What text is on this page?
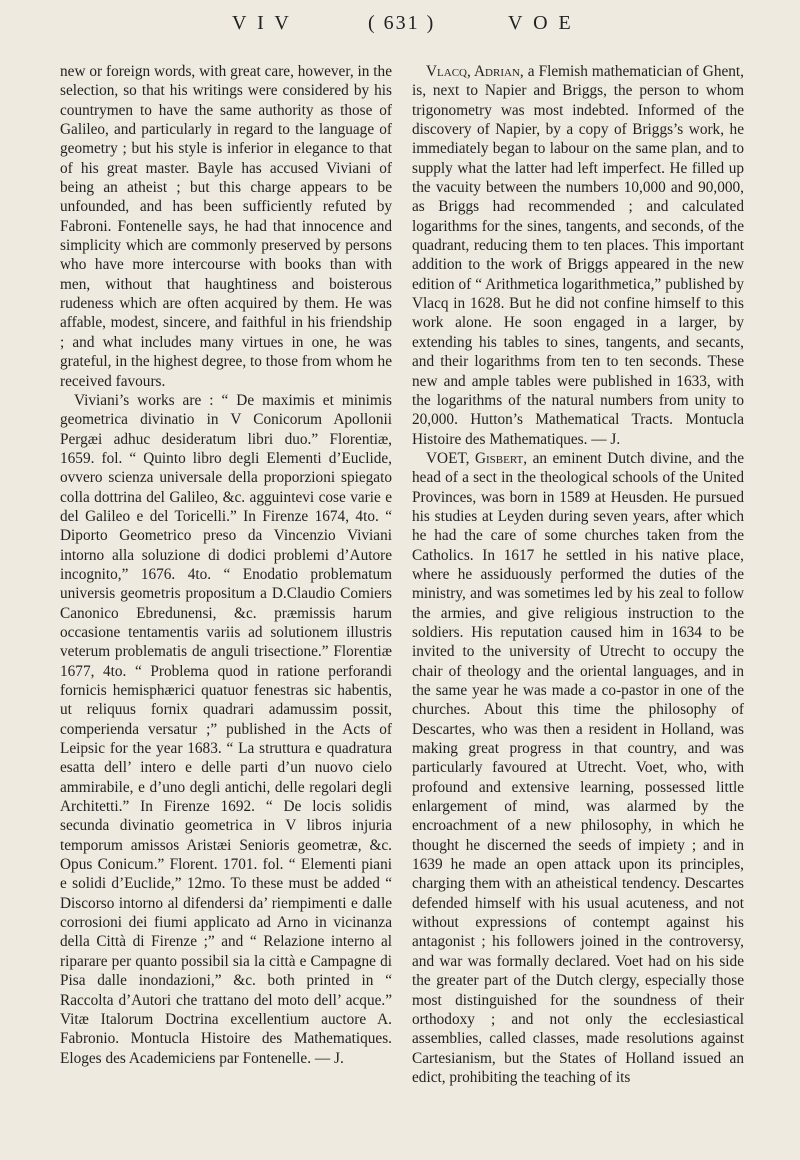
V I V	( 631 )	V O E

new or foreign words, with great care, however, in the selection, so that his writings were considered by his countrymen to have the same authority as those of Galileo, and particularly in regard to the language of geometry ; but his style is inferior in elegance to that of his great master. Bayle has accused Viviani of being an atheist ; but this charge appears to be unfounded, and has been sufficiently refuted by Fabroni. Fontenelle says, he had that innocence and simplicity which are commonly preserved by persons who have more intercourse with books than with men, without that haughtiness and boisterous rudeness which are often acquired by them. He was affable, modest, sincere, and faithful in his friendship ; and what includes many virtues in one, he was grateful, in the highest degree, to those from whom he received favours.

Viviani’s works are : “ De maximis et minimis geometrica divinatio in V Conicorum Apollonii Pergæi adhuc desideratum libri duo.” Florentiæ, 1659. fol. “ Quinto libro degli Elementi d’Euclide, ovvero scienza universale della proporzioni spiegato colla dottrina del Galileo, &c. agguintevi cose varie e del Galileo e del Toricelli.” In Firenze 1674, 4to. “ Diporto Geometrico preso da Vincenzio Viviani intorno alla soluzione di dodici problemi d’Autore incognito,” 1676. 4to. “ Enodatio problematum universis geometris propositum a D.Claudio Comiers Canonico Ebredunensi, &c. præmissis harum occasione tentamentis variis ad solutionem illustris veterum problematis de anguli trisectione.” Florentiæ 1677, 4to. “ Problema quod in ratione perforandi fornicis hemisphærici quatuor fenestras sic habentis, ut reliquus fornix quadrari adamussim possit, comperienda versatur ;” published in the Acts of Leipsic for the year 1683. “ La struttura e quadratura esatta dell’ intero e delle parti d’un nuovo cielo ammirabile, e d’uno degli antichi, delle regolari degli Architetti.” In Firenze 1692. “ De locis solidis secunda divinatio geometrica in V libros injuria temporum amissos Aristæi Senioris geometræ, &c. Opus Conicum.” Florent. 1701. fol. “ Elementi piani e solidi d’Euclide,” 12mo. To these must be added “ Discorso intorno al difendersi da’ riempimenti e dalle corrosioni dei fiumi applicato ad Arno in vicinanza della Città di Firenze ;” and “ Relazione interno al riparare per quanto possibil sia la città e Campagne di Pisa dalle inondazioni,” &c. both printed in “ Raccolta d’Autori che trattano del moto dell’ acque.” Vitæ Italorum Doctrina excellentium auctore A. Fabronio. Montucla Histoire des Mathematiques. Eloges des Academiciens par Fontenelle. — J.

Vlacq, Adrian, a Flemish mathematician of Ghent, is, next to Napier and Briggs, the person to whom trigonometry was most indebted. Informed of the discovery of Napier, by a copy of Briggs’s work, he immediately began to labour on the same plan, and to supply what the latter had left imperfect. He filled up the vacuity between the numbers 10,000 and 90,000, as Briggs had recommended ; and calculated logarithms for the sines, tangents, and seconds, of the quadrant, reducing them to ten places. This important addition to the work of Briggs appeared in the new edition of “ Arithmetica logarithmetica,” published by Vlacq in 1628. But he did not confine himself to this work alone. He soon engaged in a larger, by extending his tables to sines, tangents, and secants, and their logarithms from ten to ten seconds. These new and ample tables were published in 1633, with the logarithms of the natural numbers from unity to 20,000. Hutton’s Mathematical Tracts. Montucla Histoire des Mathematiques. — J.

VOET, Gisbert, an eminent Dutch divine, and the head of a sect in the theological schools of the United Provinces, was born in 1589 at Heusden. He pursued his studies at Leyden during seven years, after which he had the care of some churches taken from the Catholics. In 1617 he settled in his native place, where he assiduously performed the duties of the ministry, and was sometimes led by his zeal to follow the armies, and give religious instruction to the soldiers. His reputation caused him in 1634 to be invited to the university of Utrecht to occupy the chair of theology and the oriental languages, and in the same year he was made a co-pastor in one of the churches. About this time the philosophy of Descartes, who was then a resident in Holland, was making great progress in that country, and was particularly favoured at Utrecht. Voet, who, with profound and extensive learning, possessed little enlargement of mind, was alarmed by the encroachment of a new philosophy, in which he thought he discerned the seeds of impiety ; and in 1639 he made an open attack upon its principles, charging them with an atheistical tendency. Descartes defended himself with his usual acuteness, and not without expressions of contempt against his antagonist ; his followers joined in the controversy, and war was formally declared. Voet had on his side the greater part of the Dutch clergy, especially those most distinguished for the soundness of their orthodoxy ; and not only the ecclesiastical assemblies, called classes, made resolutions against Cartesianism, but the States of Holland issued an edict, prohibiting the teaching of its
